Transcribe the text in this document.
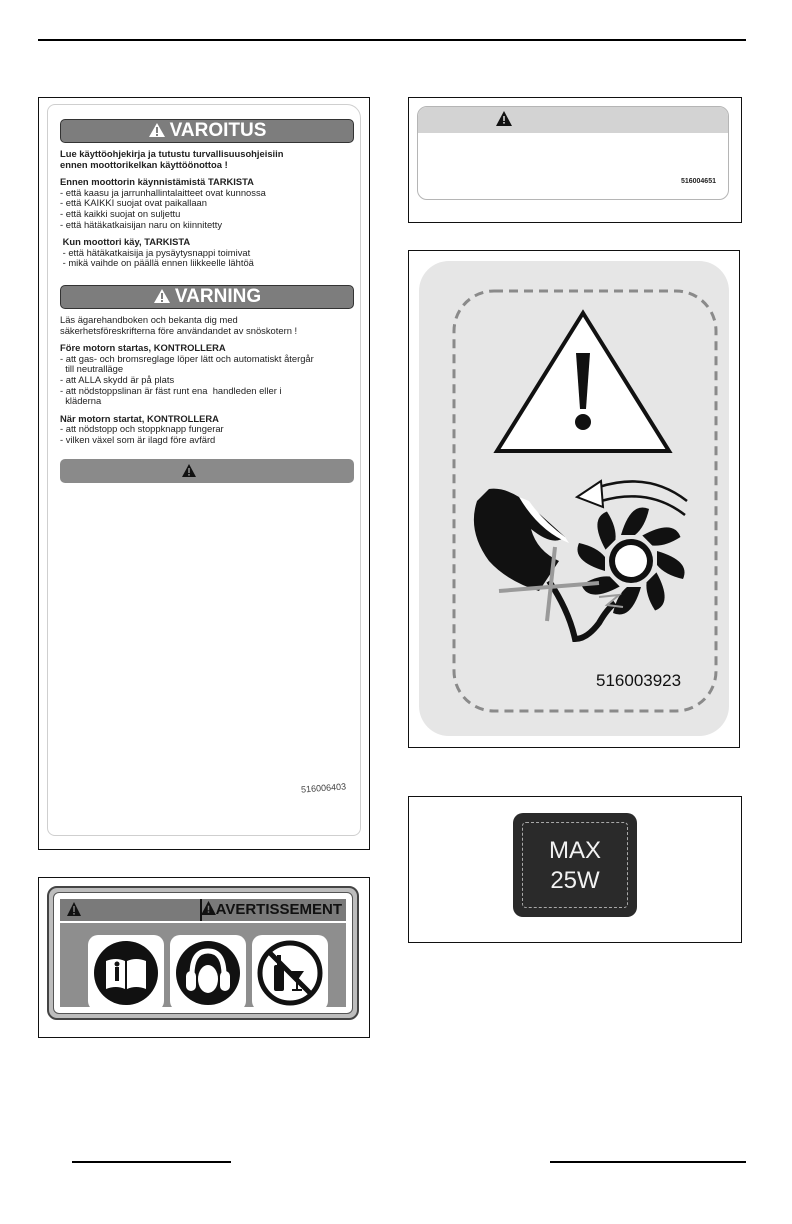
VAROITUS

Lue käyttöohjekirja ja tutustu turvallisuusohjeisiin

ennen moottorikelkan käyttöönottoa !

Ennen moottorin käynnistämistä TARKISTA

- että kaasu ja jarrunhallintalaitteet ovat kunnossa

- että KAIKKI suojat ovat paikallaan

- että kaikki suojat on suljettu

- että hätäkatkaisijan naru on kiinnitetty

Kun moottori käy, TARKISTA

- että hätäkatkaisija ja pysäytysnappi toimivat

- mikä vaihde on päällä ennen liikkeelle lähtöä

VARNING

Läs ägarehandboken och bekanta dig med

säkerhetsföreskrifterna före användandet av snöskotern !

Före motorn startas, KONTROLLERA

- att gas- och bromsreglage löper lätt och automatiskt återgår

till neutralläge

- att ALLA skydd är på plats

- att nödstoppslinan är fäst runt ena  handleden eller i

kläderna

När motorn startat, KONTROLLERA

- att nödstopp och stoppknapp fungerar

- vilken växel som är ilagd före avfärd

516006403
AVERTISSEMENT
516004651
516003923
MAX
25W
